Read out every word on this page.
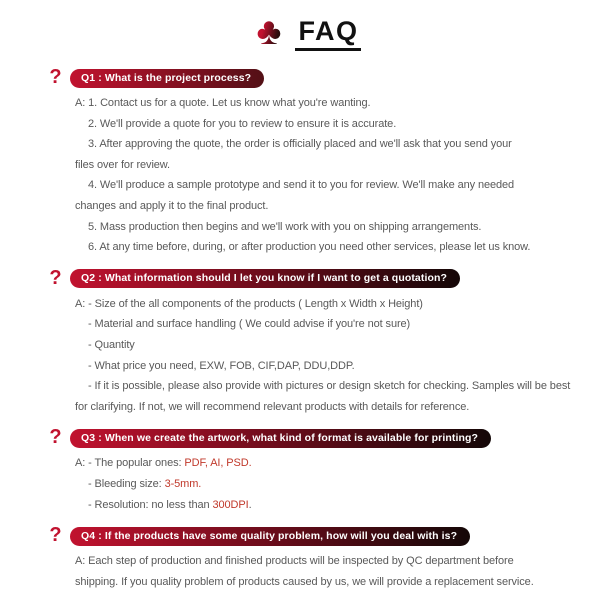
♣ FAQ
? Q1 : What is the project process?

A: 1. Contact us for a quote. Let us know what you're wanting.

2. We'll provide a quote for you to review to ensure it is accurate.

3. After approving the quote, the order is officially placed and we'll ask that you send your

files over for review.

4. We'll produce a sample prototype and send it to you for review. We'll make any needed

changes and apply it to the final product.

5. Mass production then begins and we'll work with you on shipping arrangements.

6. At any time before, during, or after production you need other services, please let us know.

? Q2 : What information should I let you know if I want to get a quotation?

A: - Size of the all components of the products ( Length x Width x Height)

- Material and surface handling ( We could advise if you're not sure)

- Quantity

- What price you need, EXW, FOB, CIF,DAP, DDU,DDP.

- If it is possible, please also provide with pictures or design sketch for checking. Samples will be best

for clarifying. If not, we will recommend relevant products with details for reference.

? Q3 : When we create the artwork, what kind of format is available for printing?

A: - The popular ones: PDF, AI, PSD.

- Bleeding size: 3-5mm.

- Resolution: no less than 300DPI.

? Q4 : If the products have some quality problem, how will you deal with is?

A: Each step of production and finished products will be inspected by QC department before

shipping. If you quality problem of products caused by us, we will provide a replacement service.
